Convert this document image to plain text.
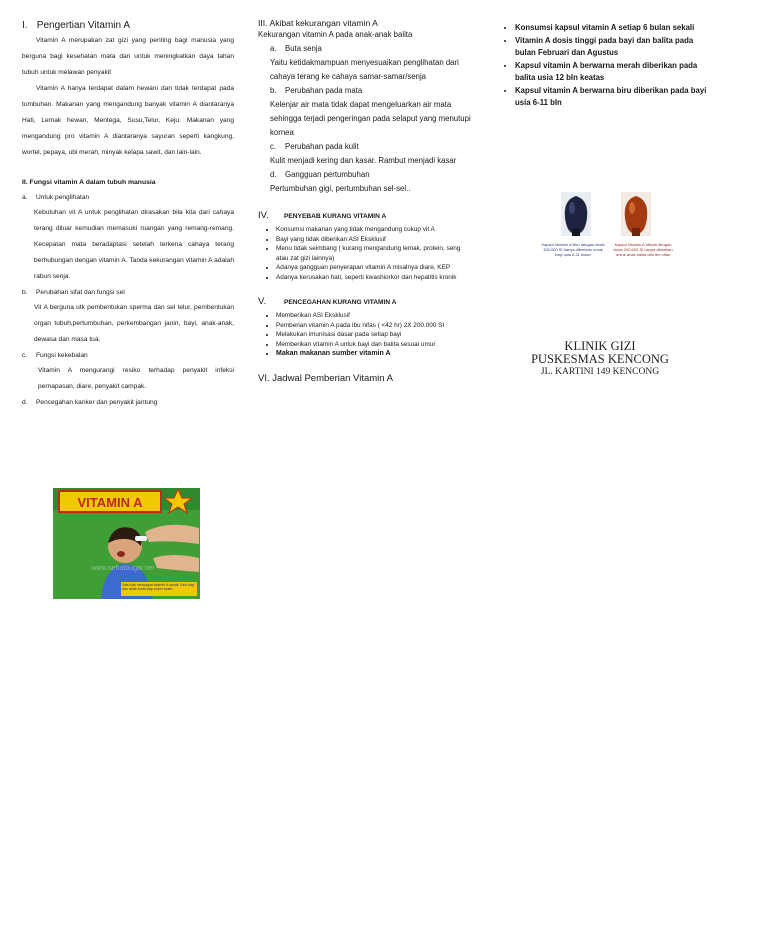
I. Pengertian Vitamin A

Vitamin A merupakan zat gizi yang penting bagi manusia yang berguna bagi kesehatan mata dan untuk meningkatkan daya tahan tubuh untuk melawan penyakit

Vitamin A hanya terdapat dalam hewani dan tidak terdapat pada tumbuhan. Makanan yang mengandung banyak vitamin A diantaranya Hati, Lemak hewan, Mentega, Susu,Telur, Keju. Makanan yang mengandung pro vitamin A diantaranya sayuran seperti kangkung, wortel, pepaya, ubi merah, minyak kelapa sawit, dan lain-lain.

II. Fungsi vitamin A dalam tubuh manusia
a. Untuk penglihatan

Kebutuhan vit A untuk penglihatan dirasakan bila kita dari cahaya terang diluar kemudian memasuki ruangan yang remang-remang. Kecepatan mata beradaptasi setelah terkena cahaya terang berhubungan dengan vitamin A. Tanda kekurangan vitamin A adalah rabun senja.

b. Perubahan sifat dan fungsi sel

Vit A berguna utk pembentukan sperma dan sel telur, pembentukan organ tubuh,pertumbuhan, perkembangan janin, bayi, anak-anak, dewasa dan masa tua.

c. Fungsi kekebalan

Vitamin A mengurangi resiko terhadap penyakit infeksi pernapasan, diare, penyakit campak.

d. Pencegahan kanker dan penyakit jantung
VITAMIN A
www.sehatbugar.net
Satu kali mendapat vitamin A sekali, Beri bayi dan anak Anda tiap enam bulan
III. Akibat kekurangan vitamin A
Kekurangan vitamin A pada anak-anak balita
a. Buta senja
Yaitu ketidakmampuan menyesuaikan penglihatan dari cahaya terang ke cahaya samar-samar/senja
b. Perubahan pada mata
Kelenjar air mata tidak dapat mengeluarkan air mata sehingga terjadi pengeringan pada selaput yang menutupi kornea
c. Perubahan pada kulit
Kulit menjadi kering dan kasar. Rambut menjadi kasar
d. Gangguan pertumbuhan
Pertumbuhan gigi, pertumbuhan sel-sel..
IV. PENYEBAB KURANG VITAMIN A
• Konsumsi makanan yang tidak mengandung cukup vit A
• Bayi yang tidak diberikan ASI Eksklusif
• Menu tidak seimbang ( kurang mengandung lemak, protein, seng atau zat gizi lainnya)
• Adanya gangguan penyerapan vitamin A misalnya diare, KEP
• Adanya kerusakan hati, seperti kwashiorkor dan hepatitis kronik
V.	PENCEGAHAN KURANG VITAMIN A
• Memberikan ASI Eksklusif
• Pemberian vitamin A pada ibu nifas ( <42 hr) 2X 200.000 SI
• Melakukan imunisasi dasar pada setiap bayi
• Memberikan vitamin A untuk bayi dan balita sesuai umur
• Makan makanan sumber vitamin A
VI. Jadwal Pemberian Vitamin A
• Konsumsi kapsul vitamin A setiap 6 bulan sekali
• Vitamin A dosis tinggi pada bayi dan balita pada bulan Februari dan Agustus
• Kapsul vitamin A berwarna merah diberikan pada balita usia 12 bln keatas
• Kapsul vitamin A berwarna biru diberikan pada bayi usia 6-11 bln
Kapsul Vitamin A Biru dengan dosis 100.000 SI hanya diberikan untuk bayi usia 6-11 bulan
Kapsul Vitamin A Merah dengan dosis 200.000 SI hanya diberikan untuk anak balita dan ibu nifas
KLINIK GIZI
PUSKESMAS KENCONG
JL. KARTINI 149 KENCONG
